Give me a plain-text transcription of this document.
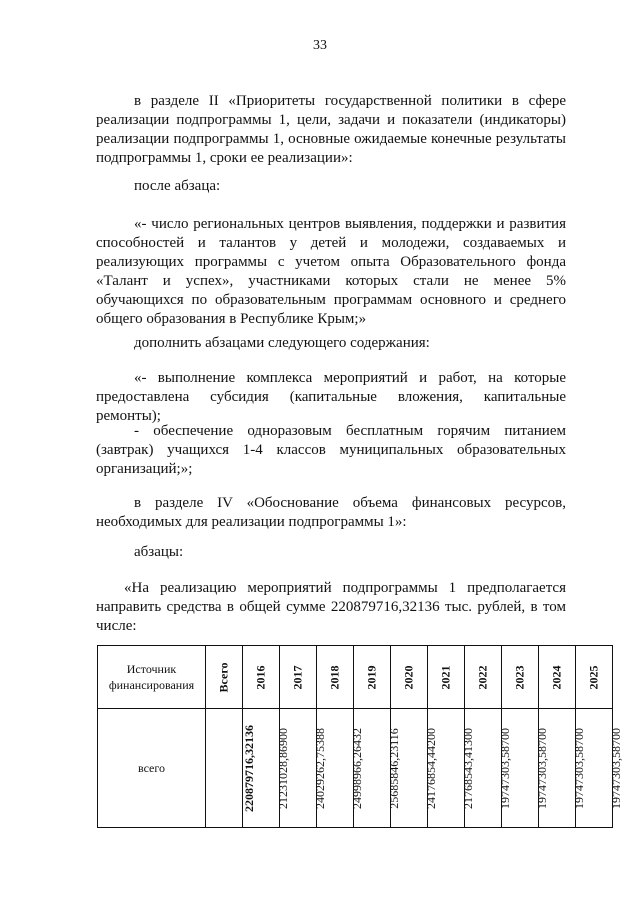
33

в разделе II «Приоритеты государственной политики в сфере реализации подпрограммы 1, цели, задачи и показатели (индикаторы) реализации подпрограммы 1, основные ожидаемые конечные результаты подпрограммы 1, сроки ее реализации»:

после абзаца:

«- число региональных центров выявления, поддержки и развития способностей и талантов у детей и молодежи, создаваемых и реализующих программы с учетом опыта Образовательного фонда «Талант и успех», участниками которых стали не менее 5% обучающихся по образовательным программам основного и среднего общего образования в Республике Крым;»

дополнить абзацами следующего содержания:

«- выполнение комплекса мероприятий и работ, на которые предоставлена субсидия (капитальные вложения, капитальные ремонты);

- обеспечение одноразовым бесплатным горячим питанием (завтрак) учащихся 1-4 классов муниципальных образовательных организаций;»;

в разделе IV «Обоснование объема финансовых ресурсов, необходимых для реализации подпрограммы 1»:

абзацы:

«На реализацию мероприятий подпрограммы 1 предполагается направить средства в общей сумме 220879716,32136 тыс. рублей, в том числе:

Источник финансирования	Всего	2016	2017	2018	2019	2020	2021	2022	2023	2024	2025
всего	220879716,32136	21231028,86900	24029262,75388	24998966,26432	25685846,23116	24176854,44200	21768543,41300	19747303,58700	19747303,58700	19747303,58700	19747303,58700
